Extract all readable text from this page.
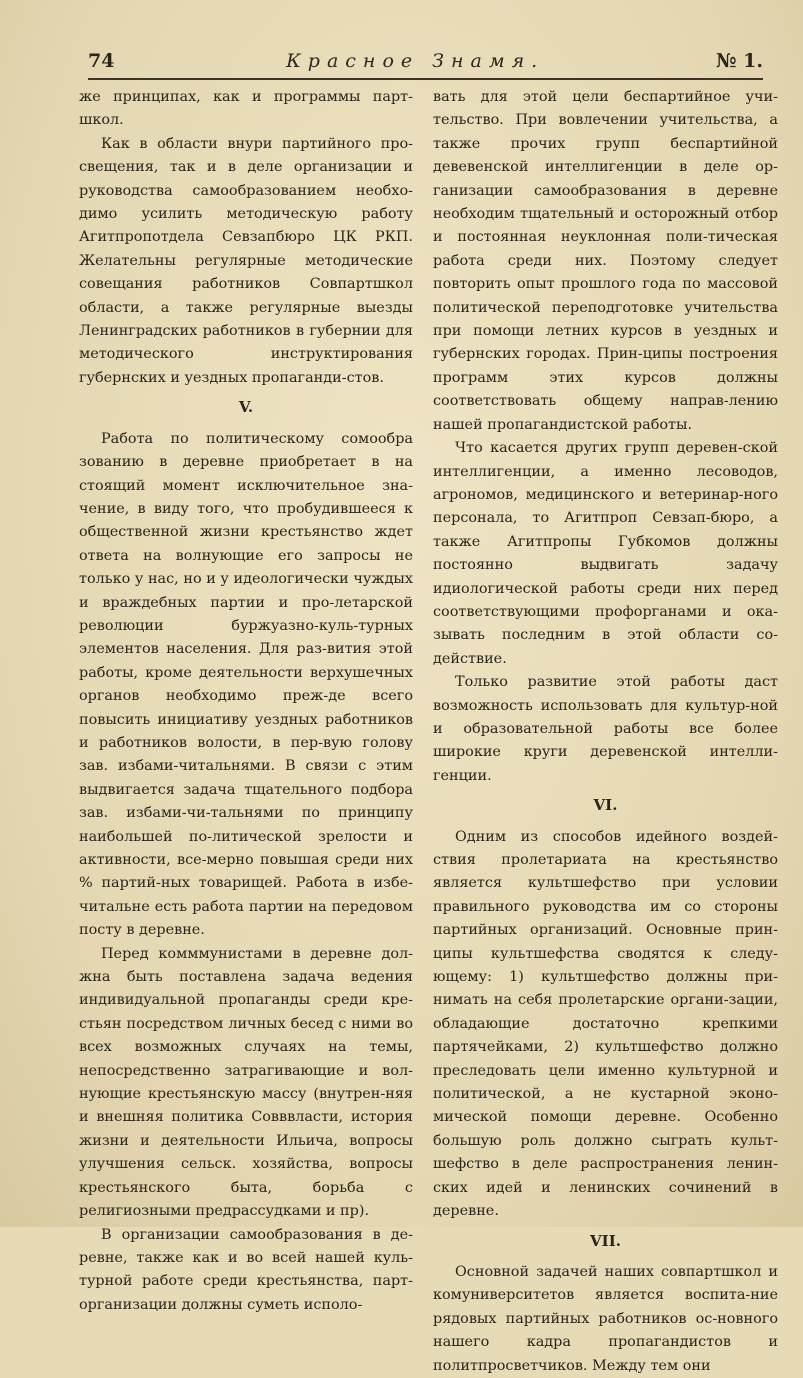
74	Красное Знамя.	№ 1.

же принципах, как и программы парт-школ.

Как в области внури партийного про-свещения, так и в деле организации и руководства самообразованием необхо-димо усилить методическую работу Агитпропотдела Севзапбюро ЦК РКП. Желательны регулярные методические совещания работников Совпартшкол области, а также регулярные выезды Ленинградских работников в губернии для методического инструктирования губернских и уездных пропаганди-стов.

V.

Работа по политическому сомообра зованию в деревне приобретает в на стоящий момент исключительное зна-чение, в виду того, что пробудившееся к общественной жизни крестьянство ждет ответа на волнующие его запросы не только у нас, но и у идеологически чуждых и враждебных партии и про-летарской революции буржуазно-куль-турных элементов населения. Для раз-вития этой работы, кроме деятельности верхушечных органов необходимо преж-де всего повысить инициативу уездных работников и работников волости, в пер-вую голову зав. избами-читальнями. В связи с этим выдвигается задача тщательного подбора зав. избами-чи-тальнями по принципу наибольшей по-литической зрелости и активности, все-мерно повышая среди них % партий-ных товарищей. Работа в избе-читальне есть работа партии на передовом посту в деревне.

Перед комммунистами в деревне дол-жна быть поставлена задача ведения индивидуальной пропаганды среди кре-стьян посредством личных бесед с ними во всех возможных случаях на темы, непосредственно затрагивающие и вол-нующие крестьянскую массу (внутрен-няя и внешняя политика Совввласти, история жизни и деятельности Ильича, вопросы улучшения сельск. хозяйства, вопросы крестьянского быта, борьба с религиозными предрассудками и пр).

В организации самообразования в де-ревне, также как и во всей нашей куль-турной работе среди крестьянства, парт-организации должны суметь исполо-

вать для этой цели беспартийное учи-тельство. При вовлечении учительства, а также прочих групп беспартийной девевенской интеллигенции в деле ор-ганизации самообразования в деревне необходим тщательный и осторожный отбор и постоянная неуклонная поли-тическая работа среди них. Поэтому следует повторить опыт прошлого года по массовой политической переподготовке учительства при помощи летних курсов в уездных и губернских городах. Прин-ципы построения программ этих курсов должны соответствовать общему направ-лению нашей пропагандистской работы.

Что касается других групп деревен-ской интеллигенции, а именно лесоводов, агрономов, медицинского и ветеринар-ного персонала, то Агитпроп Севзап-бюро, а также Агитпропы Губкомов должны постоянно выдвигать задачу идиологической работы среди них перед соответствующими профорганами и ока-зывать последним в этой области со-действие.

Только развитие этой работы даст возможность использовать для культур-ной и образовательной работы все более широкие круги деревенской интелли-генции.

VI.

Одним из способов идейного воздей-ствия пролетариата на крестьянство является культшефство при условии правильного руководства им со стороны партийных организаций. Основные прин-ципы культшефства сводятся к следу-ющему: 1) культшефство должны при-нимать на себя пролетарские органи-зации, обладающие достаточно крепкими партячейками, 2) культшефство должно преследовать цели именно культурной и политической, а не кустарной эконо-мической помощи деревне. Особенно большую роль должно сыграть культ-шефство в деле распространения ленин-ских идей и ленинских сочинений в деревне.

VII.

Основной задачей наших совпартшкол и комуниверситетов является воспита-ние рядовых партийных работников ос-новного нашего кадра пропагандистов и политпросветчиков. Между тем они
